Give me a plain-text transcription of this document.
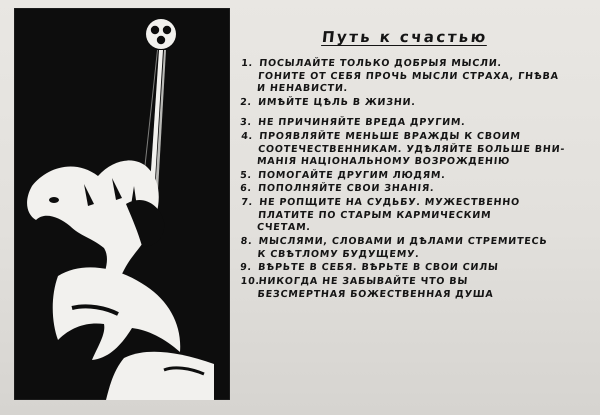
Путь к счастью
1. ПОСЫЛАЙТЕ ТОЛЬКО ДОБРЫЯ МЫСЛИ.
ГОНИТЕ ОТ СЕБЯ ПРОЧЬ МЫСЛИ СТРАХА, ГНѢВА
И НЕНАВИСТИ.
2. ИМѢЙТЕ ЦѢЛЬ В ЖИЗНИ.
3. НЕ ПРИЧИНЯЙТЕ ВРЕДА ДРУГИМ.
4. ПРОЯВЛЯЙТЕ МЕНЬШЕ ВРАЖДЫ К СВОИМ
СООТЕЧЕСТВЕННИКАМ. УДѢЛЯЙТЕ БОЛЬШЕ ВНИ-
МАНІЯ НАЦІОНАЛЬНОМУ ВОЗРОЖДЕНІЮ
5. ПОМОГАЙТЕ ДРУГИМ ЛЮДЯМ.
6. ПОПОЛНЯЙТЕ СВОИ ЗНАНІЯ.
7. НЕ РОПЩИТЕ НА СУДЬБУ. МУЖЕСТВЕННО
ПЛАТИТЕ ПО СТАРЫМ КАРМИЧЕСКИМ
СЧЕТАМ.
8. МЫСЛЯМИ, СЛОВАМИ И ДѢЛАМИ СТРЕМИТЕСЬ
К СВѢТЛОМУ БУДУЩЕМУ.
9. ВѢРЬТЕ В СЕБЯ. ВѢРЬТЕ В СВОИ СИЛЫ
10.
НИКОГДА НЕ ЗАБЫВАЙТЕ ЧТО ВЫ
БЕЗСМЕРТНАЯ БОЖЕСТВЕННАЯ ДУША
